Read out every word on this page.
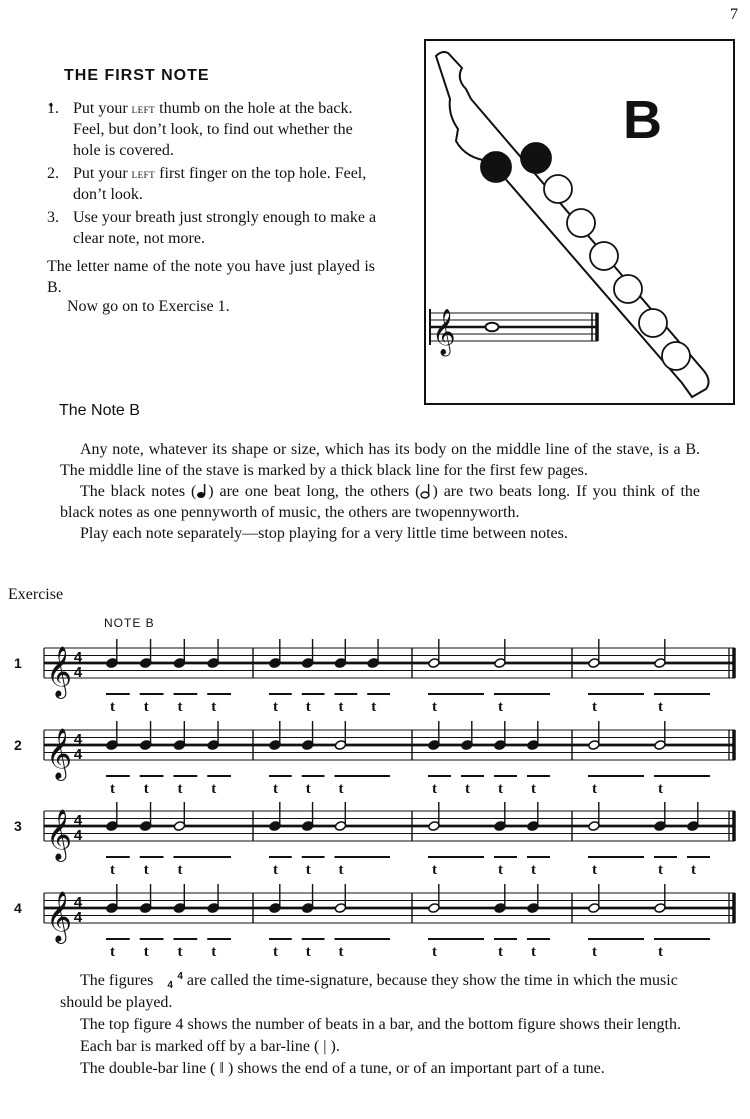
7
THE FIRST NOTE
1. Put your left thumb on the hole at the back. Feel, but don’t look, to find out whether the hole is covered.
2. Put your left first finger on the top hole. Feel, don’t look.
3. Use your breath just strongly enough to make a clear note, not more.
The letter name of the note you have just played is B.
Now go on to Exercise 1.
B
𝄞
The Note B

Any note, whatever its shape or size, which has its body on the middle line of the stave, is a B. The middle line of the stave is marked by a thick black line for the first few pages.

The black notes ( ) are one beat long, the others ( ) are two beats long. If you think of the black notes as one pennyworth of music, the others are twopennyworth.

Play each note separately—stop playing for a very little time between notes.

Exercise
NOTE B
1 𝄞 4
4
t t t t	t t t t	t	t	t	t
2 𝄞 4
4
t t t t	t t t	t t t t	t	t
3 𝄞 4
4
t t t	t t t	t	t t	t	t t
4 𝄞 4
4
t t t t	t t t	t	t t	t	t

The figures 4
4 are called the time-signature, because they show the time in which the music should be played.

The top figure 4 shows the number of beats in a bar, and the bottom figure shows their length.

Each bar is marked off by a bar-line ( | ).

The double-bar line ( ‖ ) shows the end of a tune, or of an important part of a tune.
